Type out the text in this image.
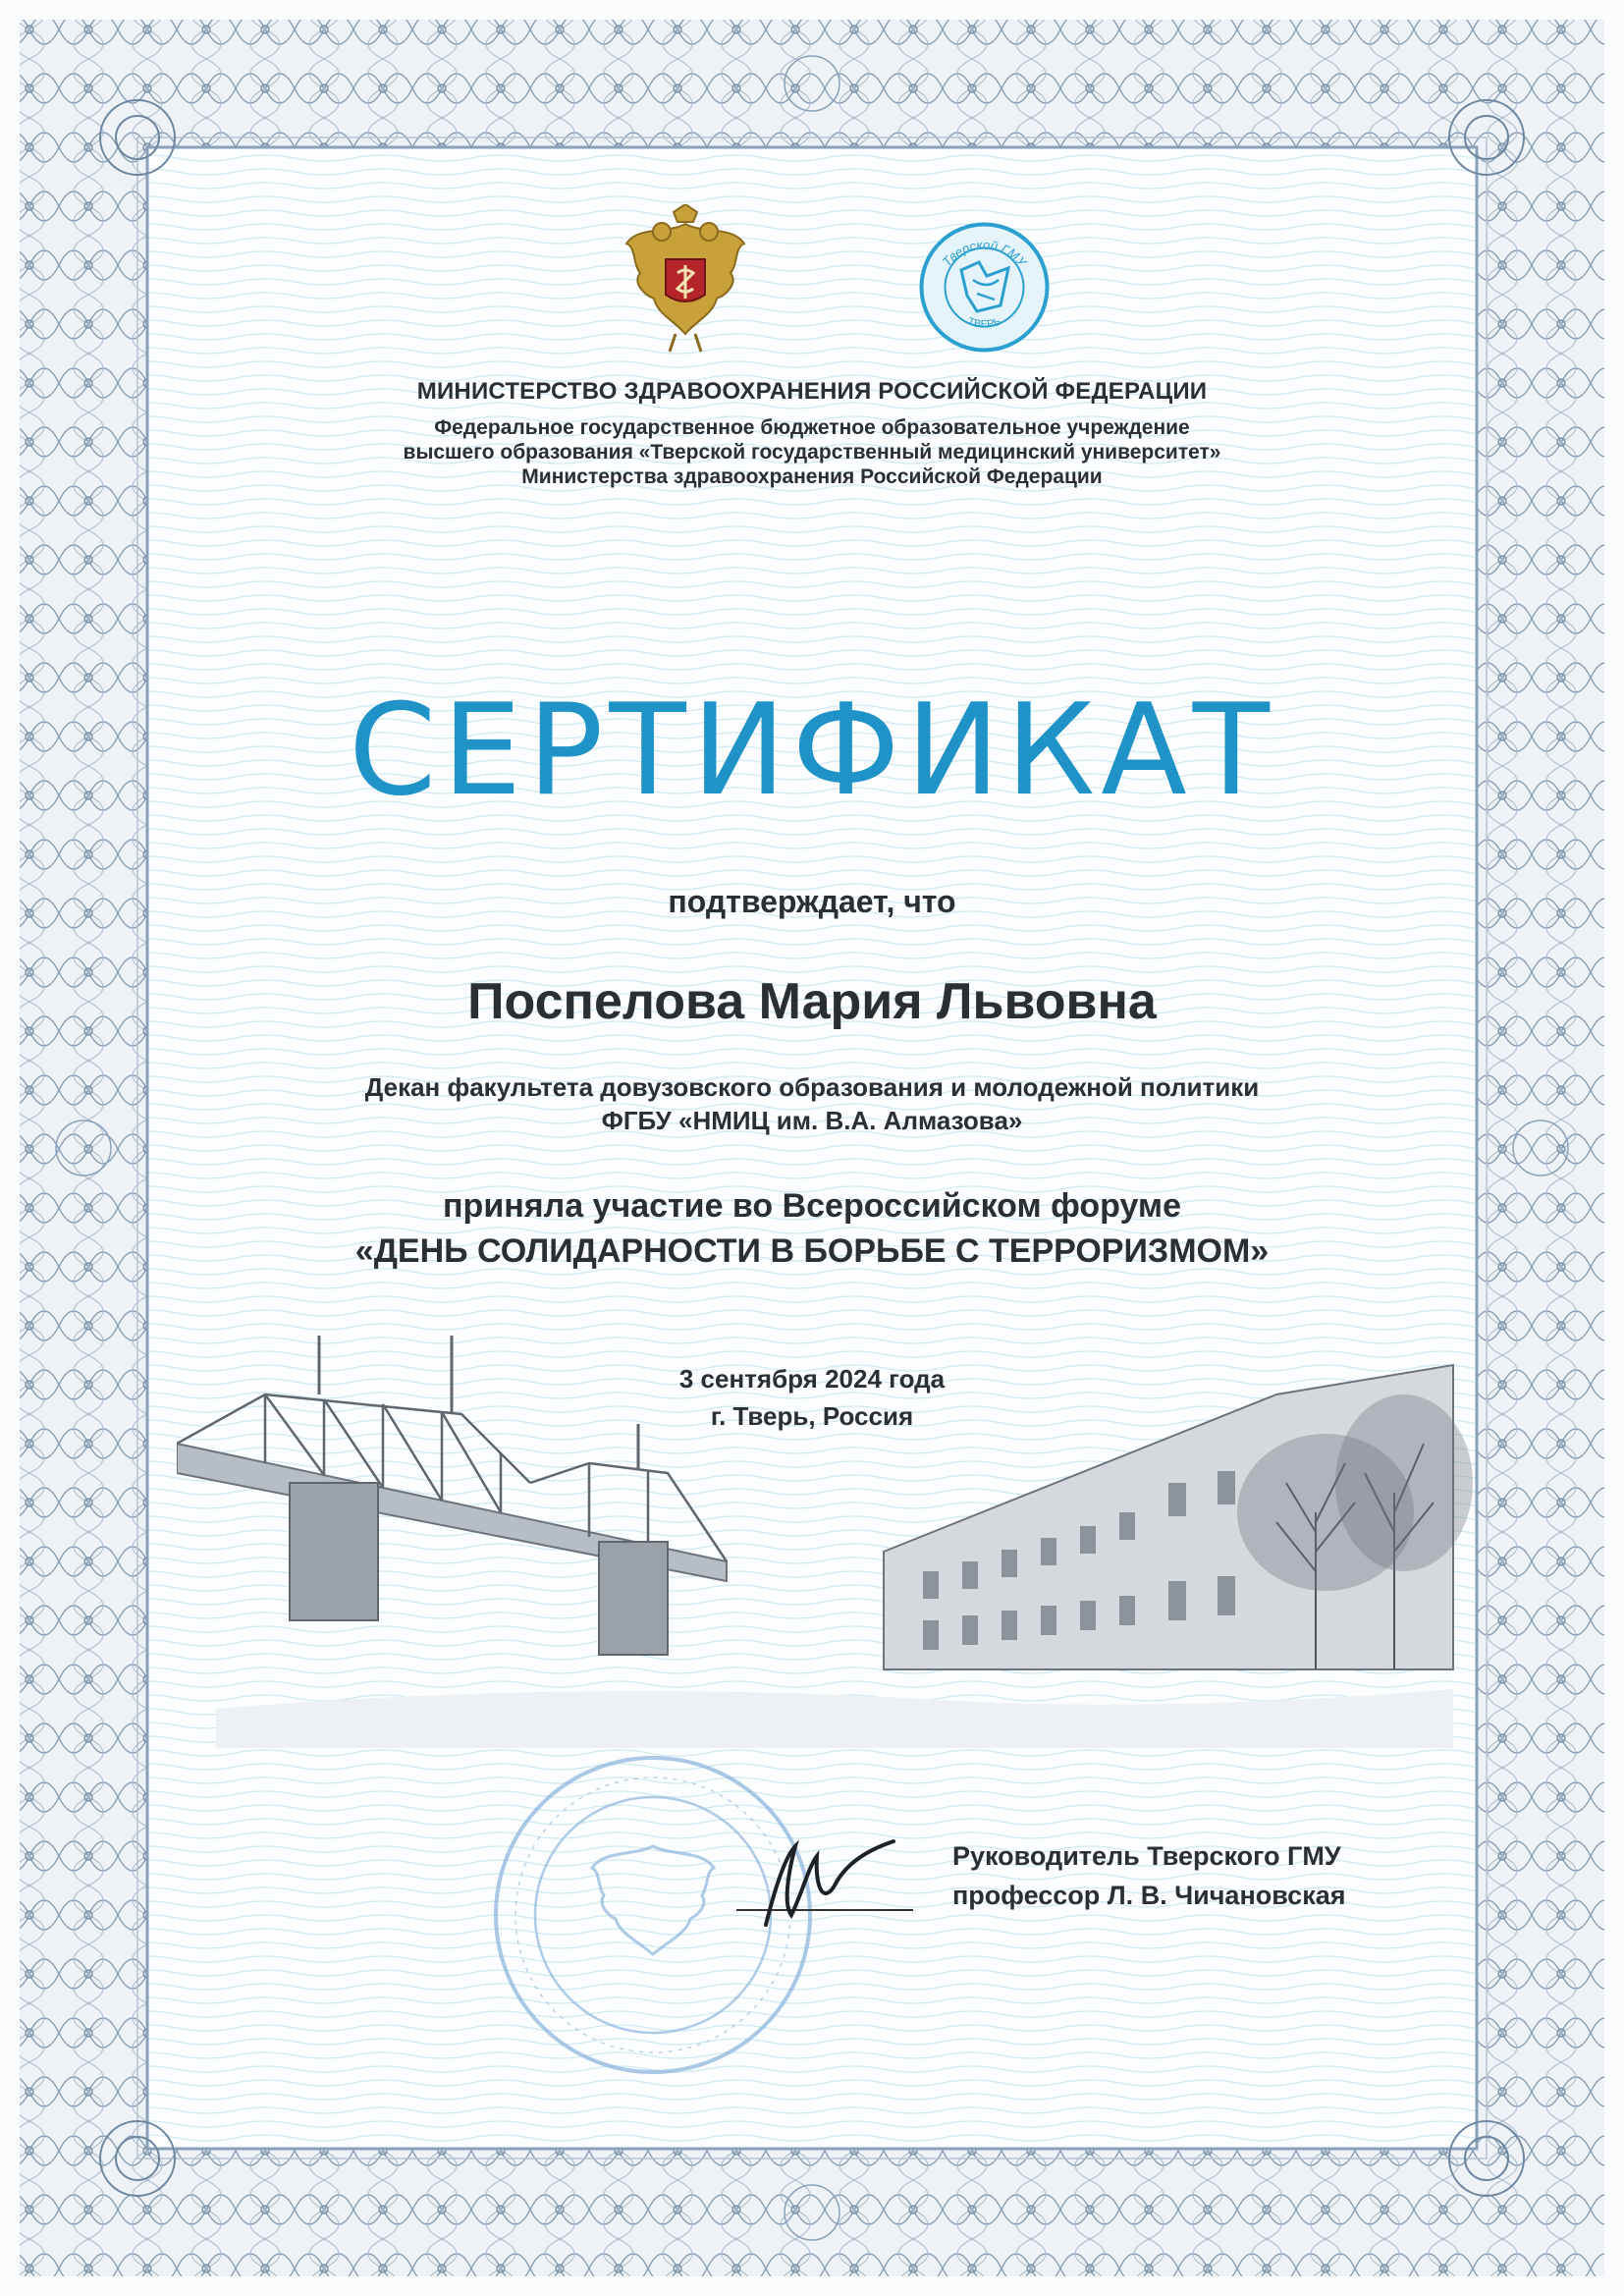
Тверской ГМУ
ТВЕРЬ
МИНИСТЕРСТВО ЗДРАВООХРАНЕНИЯ РОССИЙСКОЙ ФЕДЕРАЦИИ
Федеральное государственное бюджетное образовательное учреждение
высшего образования «Тверской государственный медицинский университет»
Министерства здравоохранения Российской Федерации
СЕРТИФИКАТ
подтверждает, что
Поспелова Мария Львовна
Декан факультета довузовского образования и молодежной политики
ФГБУ «НМИЦ им. В.А. Алмазова»
приняла участие во Всероссийском форуме
«ДЕНЬ СОЛИДАРНОСТИ В БОРЬБЕ С ТЕРРОРИЗМОМ»
3 сентября 2024 года
г. Тверь, Россия
Руководитель Тверского ГМУ
профессор Л. В. Чичановская
